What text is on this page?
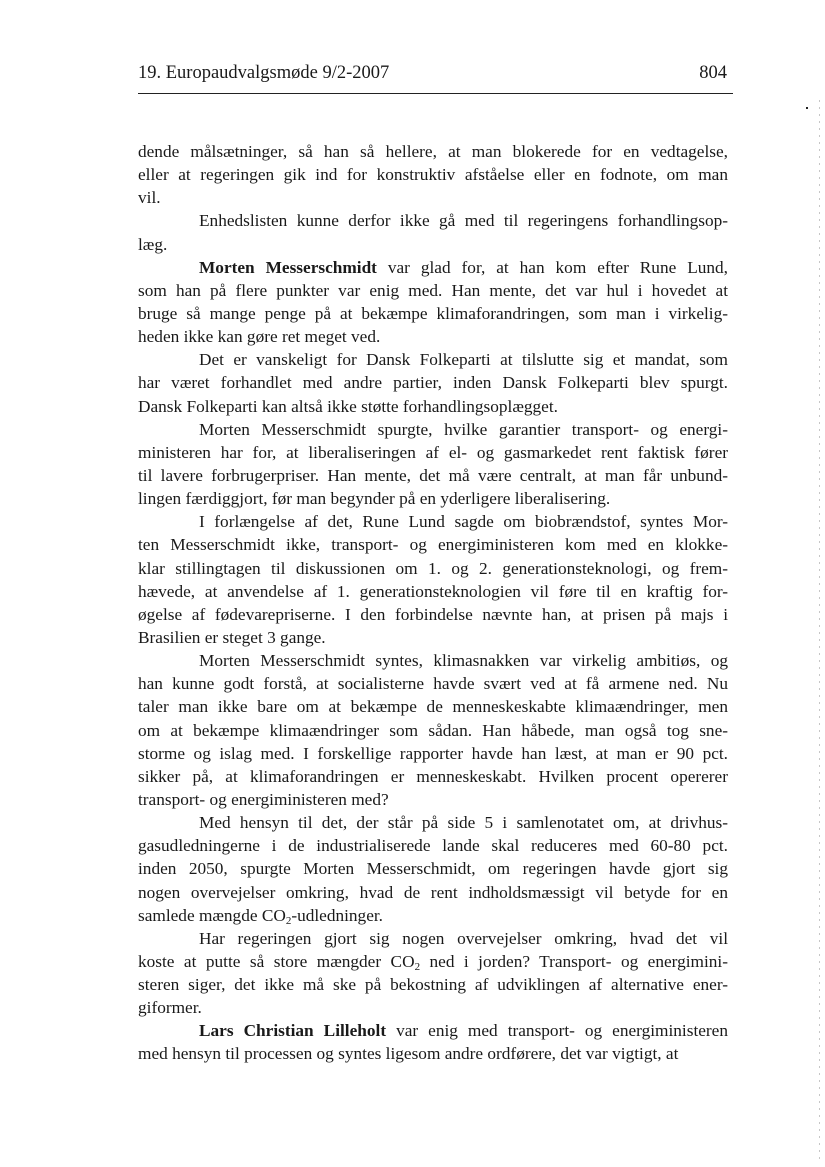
19. Europaudvalgsmøde 9/2-2007	804
dende målsætninger, så han så hellere, at man blokerede for en vedtagelse,
eller at regeringen gik ind for konstruktiv afståelse eller en fodnote, om man
vil.
Enhedslisten kunne derfor ikke gå med til regeringens forhandlingsop-
læg.
Morten Messerschmidt var glad for, at han kom efter Rune Lund,
som han på flere punkter var enig med. Han mente, det var hul i hovedet at
bruge så mange penge på at bekæmpe klimaforandringen, som man i virkelig-
heden ikke kan gøre ret meget ved.
Det er vanskeligt for Dansk Folkeparti at tilslutte sig et mandat, som
har været forhandlet med andre partier, inden Dansk Folkeparti blev spurgt.
Dansk Folkeparti kan altså ikke støtte forhandlingsoplægget.
Morten Messerschmidt spurgte, hvilke garantier transport- og energi-
ministeren har for, at liberaliseringen af el- og gasmarkedet rent faktisk fører
til lavere forbrugerpriser. Han mente, det må være centralt, at man får unbund-
lingen færdiggjort, før man begynder på en yderligere liberalisering.
I forlængelse af det, Rune Lund sagde om biobrændstof, syntes Mor-
ten Messerschmidt ikke, transport- og energiministeren kom med en klokke-
klar stillingtagen til diskussionen om 1. og 2. generationsteknologi, og frem-
hævede, at anvendelse af 1. generationsteknologien vil føre til en kraftig for-
øgelse af fødevarepriserne. I den forbindelse nævnte han, at prisen på majs i
Brasilien er steget 3 gange.
Morten Messerschmidt syntes, klimasnakken var virkelig ambitiøs, og
han kunne godt forstå, at socialisterne havde svært ved at få armene ned. Nu
taler man ikke bare om at bekæmpe de menneskeskabte klimaændringer, men
om at bekæmpe klimaændringer som sådan. Han håbede, man også tog sne-
storme og islag med. I forskellige rapporter havde han læst, at man er 90 pct.
sikker på, at klimaforandringen er menneskeskabt. Hvilken procent opererer
transport- og energiministeren med?
Med hensyn til det, der står på side 5 i samlenotatet om, at drivhus-
gasudledningerne i de industrialiserede lande skal reduceres med 60-80 pct.
inden 2050, spurgte Morten Messerschmidt, om regeringen havde gjort sig
nogen overvejelser omkring, hvad de rent indholdsmæssigt vil betyde for en
samlede mængde $CO_2$-udledninger.
Har regeringen gjort sig nogen overvejelser omkring, hvad det vil
koste at putte så store mængder $CO_2$ ned i jorden? Transport- og energimini-
steren siger, det ikke må ske på bekostning af udviklingen af alternative ener-
giformer.
Lars Christian Lilleholt var enig med transport- og energiministeren
med hensyn til processen og syntes ligesom andre ordførere, det var vigtigt, at
